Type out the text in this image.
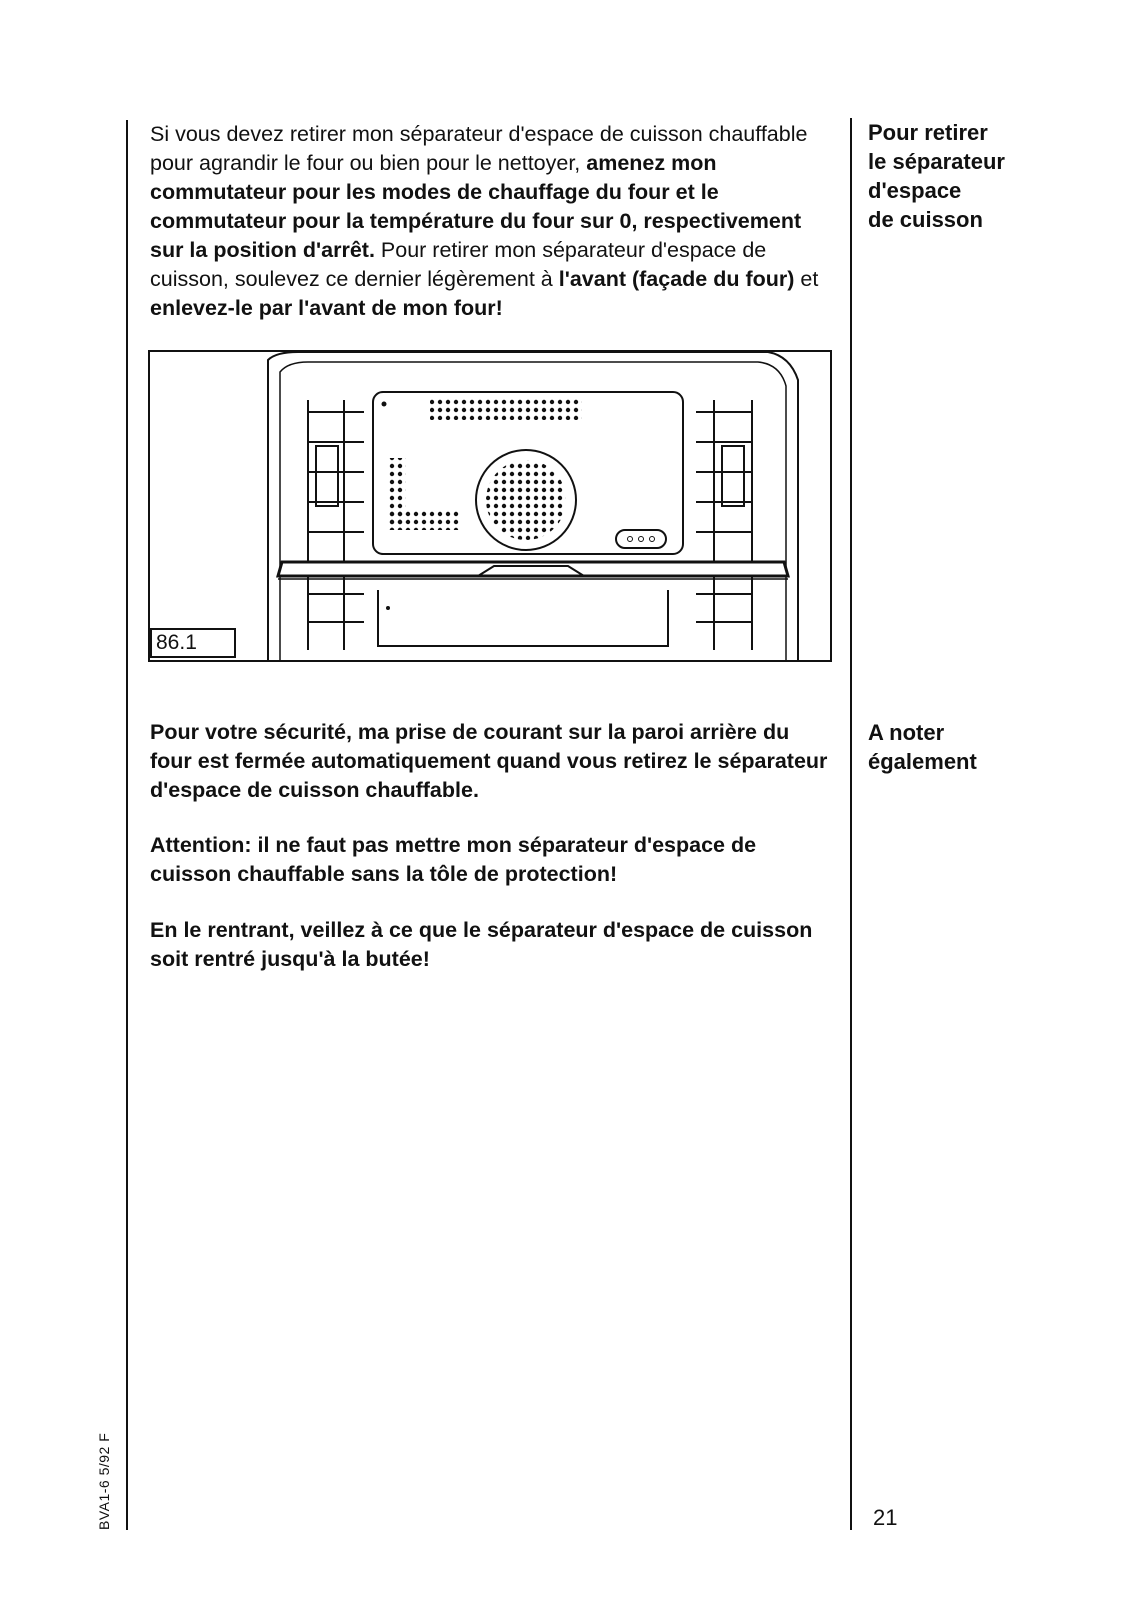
Si vous devez retirer mon séparateur d'espace de cuisson chauffable pour agrandir le four ou bien pour le nettoyer, amenez mon commutateur pour les modes de chauffage du four et le commutateur pour la température du four sur 0, respectivement sur la position d'arrêt. Pour retirer mon séparateur d'espace de cuisson, soulevez ce dernier légèrement à l'avant (façade du four) et enlevez-le par l'avant de mon four!
Pour retirer
le séparateur
d'espace
de cuisson
86.1
A noter
également
Pour votre sécurité, ma prise de courant sur la paroi arrière du four est fermée automatiquement quand vous retirez le séparateur d'espace de cuisson chauffable.
Attention: il ne faut pas mettre mon séparateur d'espace de cuisson chauffable sans la tôle de protection!
En le rentrant, veillez à ce que le séparateur d'espace de cuisson soit rentré jusqu'à la butée!
21
BVA1-6 5/92 F
